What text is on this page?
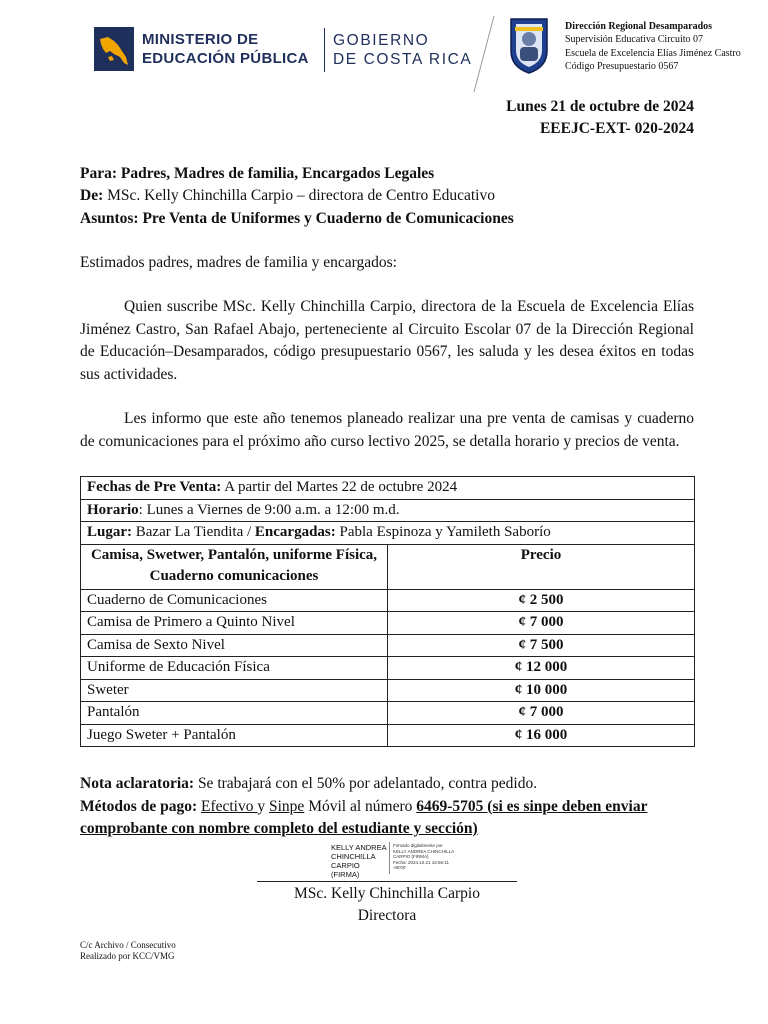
MINISTERIO DE
EDUCACIÓN PÚBLICA
GOBIERNO
DE COSTA RICA
Dirección Regional Desamparados
Supervisión Educativa Circuito 07
Escuela de Excelencia Elías Jiménez Castro
Código Presupuestario 0567
Lunes 21 de octubre de 2024
EEEJC-EXT- 020-2024
Para: Padres, Madres de familia, Encargados Legales
De: MSc. Kelly Chinchilla Carpio – directora de Centro Educativo
Asuntos: Pre Venta de Uniformes y Cuaderno de Comunicaciones
Estimados padres, madres de familia y encargados:
Quien suscribe MSc. Kelly Chinchilla Carpio, directora de la Escuela de Excelencia Elías Jiménez Castro, San Rafael Abajo, perteneciente al Circuito Escolar 07 de la Dirección Regional de Educación–Desamparados, código presupuestario 0567, les saluda y les desea éxitos en todas sus actividades.
Les informo que este año tenemos planeado realizar una pre venta de camisas y cuaderno de comunicaciones para el próximo año curso lectivo 2025, se detalla horario y precios de venta.
Fechas de Pre Venta: A partir del Martes 22 de octubre 2024	
Horario: Lunes a Viernes de 9:00 a.m. a 12:00 m.d.	
Lugar: Bazar La Tiendita / Encargadas: Pabla Espinoza y Yamileth Saborío	
Camisa, Swetwer, Pantalón, uniforme Física, Cuaderno comunicaciones	Precio
Cuaderno de Comunicaciones	¢ 2 500
Camisa de Primero a Quinto Nivel	¢ 7 000
Camisa de Sexto Nivel	¢ 7 500
Uniforme de Educación Física	¢ 12 000
Sweter	¢ 10 000
Pantalón	¢ 7 000
Juego Sweter + Pantalón	¢ 16 000
Nota aclaratoria: Se trabajará con el 50% por adelantado, contra pedido.
Métodos de pago: Efectivo y Sinpe Móvil al número 6469-5705 (si es sinpe deben enviar comprobante con nombre completo del estudiante y sección)
KELLY ANDREA
CHINCHILLA
CARPIO (FIRMA)
Firmado digitalmente por
KELLY ANDREA CHINCHILLA
CARPIO (FIRMA)
Fecha: 2024.10.21 15:56:11
-06'00'
MSc. Kelly Chinchilla Carpio
Directora
C/c Archivo / Consecutivo
Realizado por KCC/VMG
